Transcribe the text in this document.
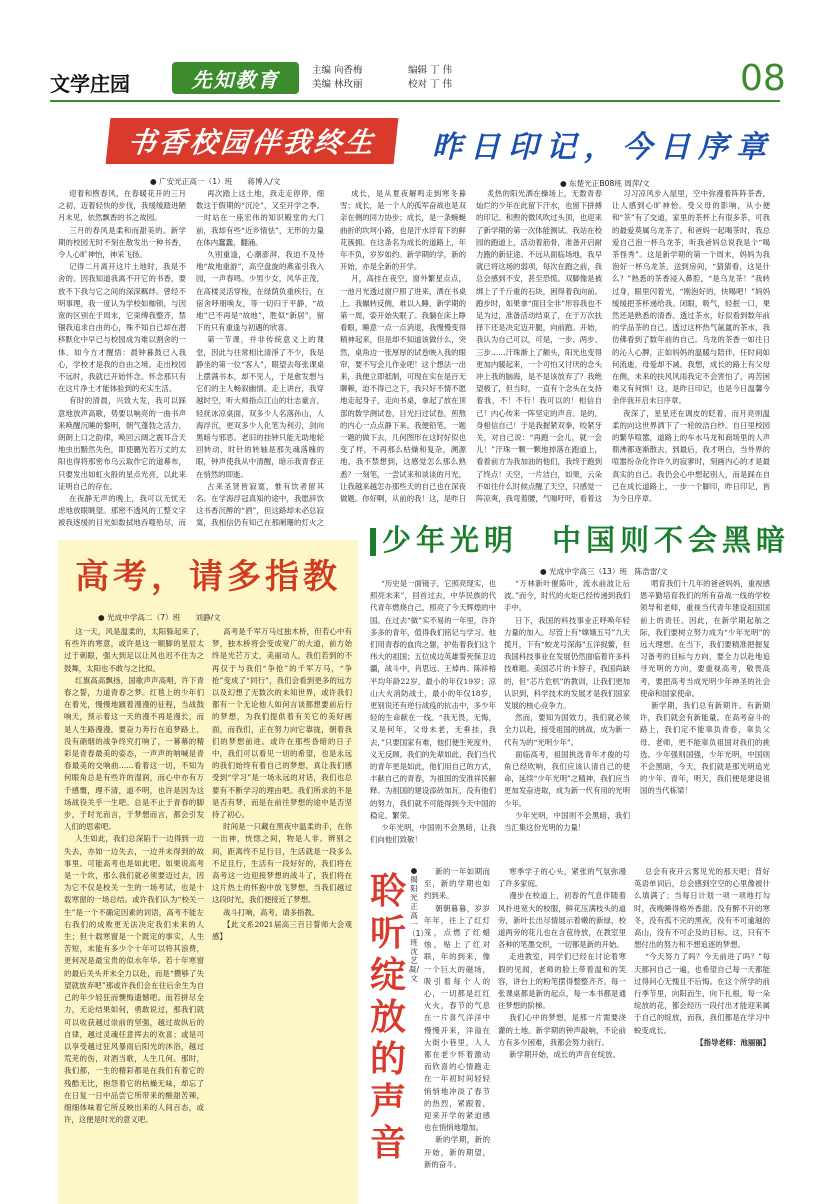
文学庄园	先知教育	主编 向香梅
美编 林玫丽
编辑 丁 伟
校对 丁 伟	08
书香校园伴我终生
● 广安光正高一（1）班　　蒋博入/文

迎着和煦春风，在春暖花开的三月之初，迈着轻快的步伐，我缓缓踏进陋月未见，依然飘香的书之故园。

三月的春风是柔和而甜美的。新学期的校园无时不刻在散发出一种书香，令人心旷神怡，神采飞扬。

记得二月离开这片土地时，我是不舍的。因我知道我离不开它的书香，要放不下我与它之间的深深羁绊。曾经不明事理，我一度认为学校如枷锁，与因宽的区别在于周末，它束缚我整齐，禁锢我追求自由的心，殊不知自己却在潜移默化中早已与校园成为难以割舍的一体。如今方才醒悟：晨钟暮鼓已入我心，学校才是我的自由之境。走出校园不远时，我就已开始怀念。怀念那只有在这片净土才能体验到的充实生活。

有时的清晨，兴致大发，我可以踩意地放声高歌，势要以响亮的一曲书声来唤醒沉睡的黎明，朝气蓬勃之活力，朗朗上口之韵律，唤回云阔之震耳合天地虫出黯然失色，即使鹏光若万丈的太阳也得将那密布乌云取作它的道幕布，只要发出如虹火般的星点光亮，以此来证明自己的存在。

在夜静无声的晚上，我可以无忧无虑地放眼眺望。那密不透风的工整文字被我逐缓的目光如数拭地吞噬殆尽，而

再次踏上这土地，我走走停停，细数这于假期的“沉沦”，又至开学之季。一时站在一座宏伟的知识殿堂的大门前，我却有些“近乡情怯”，无形的力量在体内蠢蠢，翻涌。

久别重逢，心潮澎湃，我迫不及待地“故地重游”，高空盘旋的燕雀引我入园，一声春鸣。少男少女，风华正茂，在高楼灵活穿梭，在绿荫负重疾行，在宿舍呼朋唤友，等一切归于平静，“故地”已不再是“故地”，胜似“新居”，留下的只有重逢与初遇的欣喜。

第一节课，并非传统意义上的课堂，因此与往常相比清淨了不少，我是静坐的第一位“客人”，眼望去每张课桌上摆满书本，却不见人，于是愈发想与它们的主人畅叙幽情。走上讲台，我穿越时空，听大师指点江山的壮志豪言，轻抚冰凉桌面，双多少人名落孙山，人海浮沉，更双多少人化笔为利刃，剑向黑暗与邪恶。老旧的挂钟只能无助地轮回转动，时针的转轴是那失魂落魄的眼，钟声使我从中清醒，暗示我青春正在悄然的即逝。

古来圣贤皆寂寞，惟有饮者留其名。在学海浮冠真知的途中，我愿辞饮这书香沉醉的“酒”，但这路却未必总寂寞，我相信仍有知己在那阑珊的灯火之

昨日印记，今日序章
● 东楚光正B08班 周萍/文

成长，是从夏夜解鸣走到寒冬暮雪；成长，是一个人的孤军奋战也是双亲在侧的同力协步；成长，是一条蜿蜒曲折的坎坷小路，也是汗水浮育下的鲜花簇拥。在这条名为成长的道路上，年年不负，岁岁如约。新学期的学，新的开始，亦是全新的开学。

月，高挂在夜空，窗外繁星点点，一池月光透过窗户照了进来，洒在书桌上。我辗转反侧，难以入睡，新学期的第一周，姿开始失眠了。我躺在床上睁看眼，睡意一点一点消退，我慢慢变得精神起来，但是却不知道该做什么，突然，桌角边一张厚厚的试卷映入我的眼帘，要不写会儿作业吧！这个想法一出来，我便立即抵制，可现在实在是百无聊赖，迫不得已之下，我只好不情不愿地走起身子，走向书桌，拿起了放在顶部的数学测试卷，目光扫过试卷，煎熬的内心一点点静下来。我便铅笔，一题一题的做下去，几何图形在这时好似也变了样，不再那么枯燥和复杂，溯源地，我不禁想到，这感觉怎么那么熟悉？一刻笔，一尝试来和谈谈的月光，让我越来越怎办那些天的自己也在深夜做题。你好啊，从前的我！这，是昨日

炙热的阳光洒在操场上，无数青春灿烂的少年在此留下汗水，也留下拼搏的印记。和煦的微风吹过头顶，也迎来了新学期的第一次体能测试。我站在校园的跑道上，活动着筋骨，准备开启耐力跑的新征途。不远从面临场地，我早就已将这场的弱项，每次在跑之前，我总会感到不安，甚至恐慌。双脚像是被绑上了千斤重的石块，困得着我向前。跑步时，如果拿“面目全非”形容我也不足为过，准备活动结束了，在于万次扶择下还是决定迈开腿，向前跑。开始，我认为自己可以，可是，一步、两步、三步……汗珠渐上了额头，阳光也变得更加内暖起来，一个可怕又讨厌的念头冲上我的脑海，是不是该放弃了？我绝望极了，但当时，一直有个念头在支持着我，不！不行！我可以的！相信自己！内心传来一阵坚定的声音。是的，身相信自己！于是我握紧双拳，咬紧牙关，对自己说：“再跑一会儿，就一会儿！”汗珠一颗一颗地掉落在跑道上，看着前方为我加油的他们，我终于跑到了终点！天空，一片洁白，如果，云朵不如往什么时候点醒了天空，只感觉一阵凉爽，我弯着腰，气喘吁吁，看着这

习习凉风步入屋里，空中弥漫着阵阵茶香，让人感到心旷神怡。受父母的影响，从小便和“茶”有了交道，家里的茶杯上有很多茶，可我的最爱莫属乌龙茶了。和爸妈一起喝茶时，我总爱自己泡一杯乌龙茶，听我爸妈总说我是个“喝茶怪秀”。这是新学期的第一个周末，妈妈为我泡好一杯乌龙茶，送到房间，“猜猜看，这是什么？”熟悉的茶香浸入鼻腔，“是乌龙茶！”我转过身，眼里闪着光，“刚泡好的，快喝吧！”妈妈缓缓把茶杯递给我。闭眼，吸气，轻抿一口，果然还是熟悉的清香。透过茶水，好似看到数年前的学品茶的自己。透过这杯热气氤氲的茶水，我仿佛看到了数年前的自己。乌龙的茶香一如往日的沁人心脾，正如妈妈的温暖与陪伴，任时间如何流逝，母爱却不减。我想，成长的路上有父母在侧，未来的扶风风雨我定不会害怕了，再苦困难又有何惧！这，是昨日印记，也是今日温馨今余伴我开启未日序章。

夜深了，星星还在调皮的眨着，而月亮则温柔的向这世界洒下了一轮皎洁白纱。自日里校园的繁华喧嚣，道路上的车水马龙和商场里的人声鼎沸都逐渐散去，到最后，我才明白，当外界的喧嚣纷杂化作许久的寂寥时，刻画内心的才是最真实的自己。我仍会心中想起别人，而是踩在自己在成长道路上，一步一个脚印，昨日印记，皆为今日序章。

高考，请多指教
● 光成中学高二（7）班　　刘静/文

这一天，风是温柔的，太阳躲起来了，有些许的寒意，或许是这一顺脚的星辰太过于刺眼，强大到足以让风也迟不住为之鼓舞，太阳也不敢与之比拟。

红旗高高飘扬，国歌声声高唱，许下青春之誓，力道青春之梦。红毯上的少年们在着光，慢慢地踱着漫漫的征程，当战鼓响天，预示着这一天的漫不再是漫长，而是人生路漫漫，要奋力奔行在追梦路上，没有硝烟的战争终究打响了，一幕幕的精彩是青春最美的姿态，一声声的呐喊是青春最美的交响曲……看着这一切，不知为何眼角总是有些许的湿润，而心中亦有万千感慨，理不清，道不明，也许是因为这场战役关乎一生吧。总是不止于青春的脚步，于时光而言，于梦想而言，都会引发人们的思索吧。

人生如此，我们总深陷于一边得到一边失去，亦如一边失去，一边并未得到的故事里。可能高考也是如此吧。如果说高考是一个坎，那么我们就必须要迈过去，因为它不仅是校关一生的一场考试，也是十载寒窗的一场总结。或许我们认为“校关一生”是一个不确定因素的词语，高考不能左右我们的成败更无法决定我们未来的人生；但十载寒窗是一个既定的事实，人生苦短，未能有多少个十年可以将其浪费，更何况是最宝贵的似水年华。若十年寒窗的最后关头并未全力以赴，而是“攒够了失望就放弃吧”那或许我们会在往后余生为自己的年少轻狂而懊悔遗憾吧。而若拼尽全力，无论结果如何，勇敢说过，那我们就可以收获越过崇前的坚强，越过故纵后的自律，越过灵魂任意挥去的欢喜；或是可以享受越过狂风暴雨后阳光的沐浴，越过荒芜的伤，对酒当歌，人生几何。那时，我们都，一生的精彩都是在我们有着它的残酷无比，抱怨着它的枯燥无味，却忘了在日复一日中品尝它所带来的酸甜苦辣，细细体味着它所反映出来的人间百态，或许，这便是时光的意义吧。

高考是千军万马过独木桥，但若心中有梦，独木桥将会变成宽广的大道，前方始终是光芒万丈，美丽动人，我们若到的不再仅于与我们“争抢”的千军万马，“争抢”变成了“同行”，我们会看到更多的远方以及幻想了无数次的未知世界，或许我们都有一个无论他人如何言谈都想要前后行的梦想，为我们提供着有关它的美好画面，而我们，正在努力向它靠拢，朝着我们的梦想前进。或许在那些昏暗的日子中，我们可以看见一切的希望，也是永远的我们始终有着自己的梦想，真让我们感受到“学习”是一场永远的对话，我们也总要有不断学习的理由吧。我们所求的不是是否有梦，而是在前往梦想的途中是否坚持了初心。

时间是一只藏在黑夜中温柔的手，在你一出神，恍惚之间，物是人非。辨别之间，距离终不足行目，生活就是一段多么不足且行，生活有一段好好的，我们将在高考这一边迎接梦想的战斗了，我们将在这片热土的怀抱中放飞梦想，当我们越过这段时光，我们便接近了梦想。

战斗打响，高考，请多指教。

【此文系2021届高三百日誓师大会观感】

少年光明　中国则不会黑暗
● 光成中学高三（13）班　陈浩雷/文

“历史是一面镜子，它照亮现实，也照亮未来”，回首过去，中华民族的代代青年燃烧自己，照亮了今天辉煌的中国。在过去“做”实不易的一年里，许许多多的青年，值得我们铭记与学习。他们用青春的血肉之躯，护佑着我们这个伟大的祖国；五位成边英雄誓死保卫边疆，战斗中，肖思远、王焯冉、陈祥榕平均年龄22岁，最小的年仅19岁；凉山大火消防战士，最小的年仅18岁，更别说还有逆行战疫的抗击中，多少年轻的生命献在一线。“我无畏，无悔，又是何年，父母未老，无垂挂，我去，”只要国家有难，他们便生死度外，义无反顾。我们的先辈如此，我们当代的青年更是如此，他们用自己的方式，丰献自己的青春，为祖国的安准祥民解释。为祖国的建设添砖加瓦，没有他们的努力，我们就不可能得到今天中国的稳定、繁荣。

少年光明，中国则不会黑暗，让我们向他们致敬！

“万林新叶催陈叶，流水前波让后波。”而今，时代的火炬已经传递到我们手中。

日下，我国的科技事业正呼唤年轻力量的加入。尽管上有“嫦娥五号”九天揽月，下有“蛟龙号深海”五洋捉鳖，但我国科技事业在发展仍然面临着许多科技难题。美国芯片的卡脖子，我国尚缺的，但“芯片危机”的教训，让我们更加认识到，科学技术的发展才是我们国家发展的核心竞争力。

然而，要知为国效力，我们就必须全力以赴，接受祖国的挑战，成为新一代有为的“光明少年”。

面临高考，祖国挑选青年才俊的号角已经吹响，我们应该认清自己的使命，延续“少年光明”之精神，我们应当更加发奋进取，成为新一代有用的光明少年。

少年光明，中国则不会黑暗，我们当汇集这份光明的力量！

啃育我们十几年的爸爸妈妈，重视感恩辛勤培育我们的所有奋战一线的学校领导和老师，重视当代青年建设祖国国前上的责任。因此，在新学期起航之际，我们要树立努力成为“少年光明”的远大理想。在当下，我们要精准把握复习备考的目标与方向，要全力以赴地追寻光明的方向，要重视高考，敬畏高考，要把高考当成光明少年神圣的社会使命和国家使命。

新学期，我们总有新期许。有新期许，我们就会有新能量。在高考奋斗的路上，我们定不能辜负青春，辜负父母、老师，更不能辜负祖国对我们的挑选。少年强则国强，少年光明，中国则不会黑暗，今天，我们就是那光明追光的少年、青年，明天，我们便是建设祖国的当代栋梁！

聆听绽放的声音
● 揭阳光正高一（1）班　沈艺凝/文

新的一年如期而至，新的学期也如约到来。

朝朝暮暮，岁岁年年，往上了红灯笼，点燃了红蜡烛，贴上了红对联，年的到来，像一个巨大的磁场，吸引着每个人的心，一切都是红红火火，春节的气息在一片喜气洋洋中慢慢开来，洋溢在大街小巷里，人人都在老少怀着激动而欣喜的心情跑走在一年初时间轻轻悄悄地冲淡了春节的热烈，紧跟着，迎来开学的紧迫感也在悄悄地增加。

新的学期，新的开始，新的期望，新的奋斗。

寒季学子的心头，紧张的气氛弥漫了许多家庭。

漫步在校道上，初春的气息伴随着风扑进宽大的校服，鲜花压满枝头的道旁，新叶长出尽情展示着嫩的新绿，校道两旁的花儿也在含苞待放，在教室里各种的笔墨交织，一切都是新的开始。

走进教室，同学们已经在讨论着寒假的见闻，老师的脸上带着温和的笑容，讲台上的粉笔摆得整整齐齐。每一张课桌都是新的起点，每一本书都是通往梦想的阶梯。

我们心中的梦想，是那一片需要浇灌的土地。新学期的钟声敲响，不论前方有多少困难，我都会努力前行。

新学期开始，成长的声音在绽放。

总会有夜开云雾见光的那天吧；背好英语单词后，总会感到空空的心里像被什么填满了；当每日计划一项一项地打勾时，夜晚睡得格外香甜。没有醉不开的寒冬，没有孤不完的黑夜，没有不可逾越的高山，没有不可企及的目标。这，只有不想付出的努力和不想追逐的梦想。

“今天努力了吗？今天前进了吗？”每天都问自己一遍，也希望自己每一天都能过得问心无愧且不后悔。在这个所学的前行季节里，向阳而生，向下扎根，每一朵绽放的花，都会经历一段付出才能迎来属于自己的绽放，而我，我们都是在学习中蜕变成长。

【指导老师：池丽丽】
